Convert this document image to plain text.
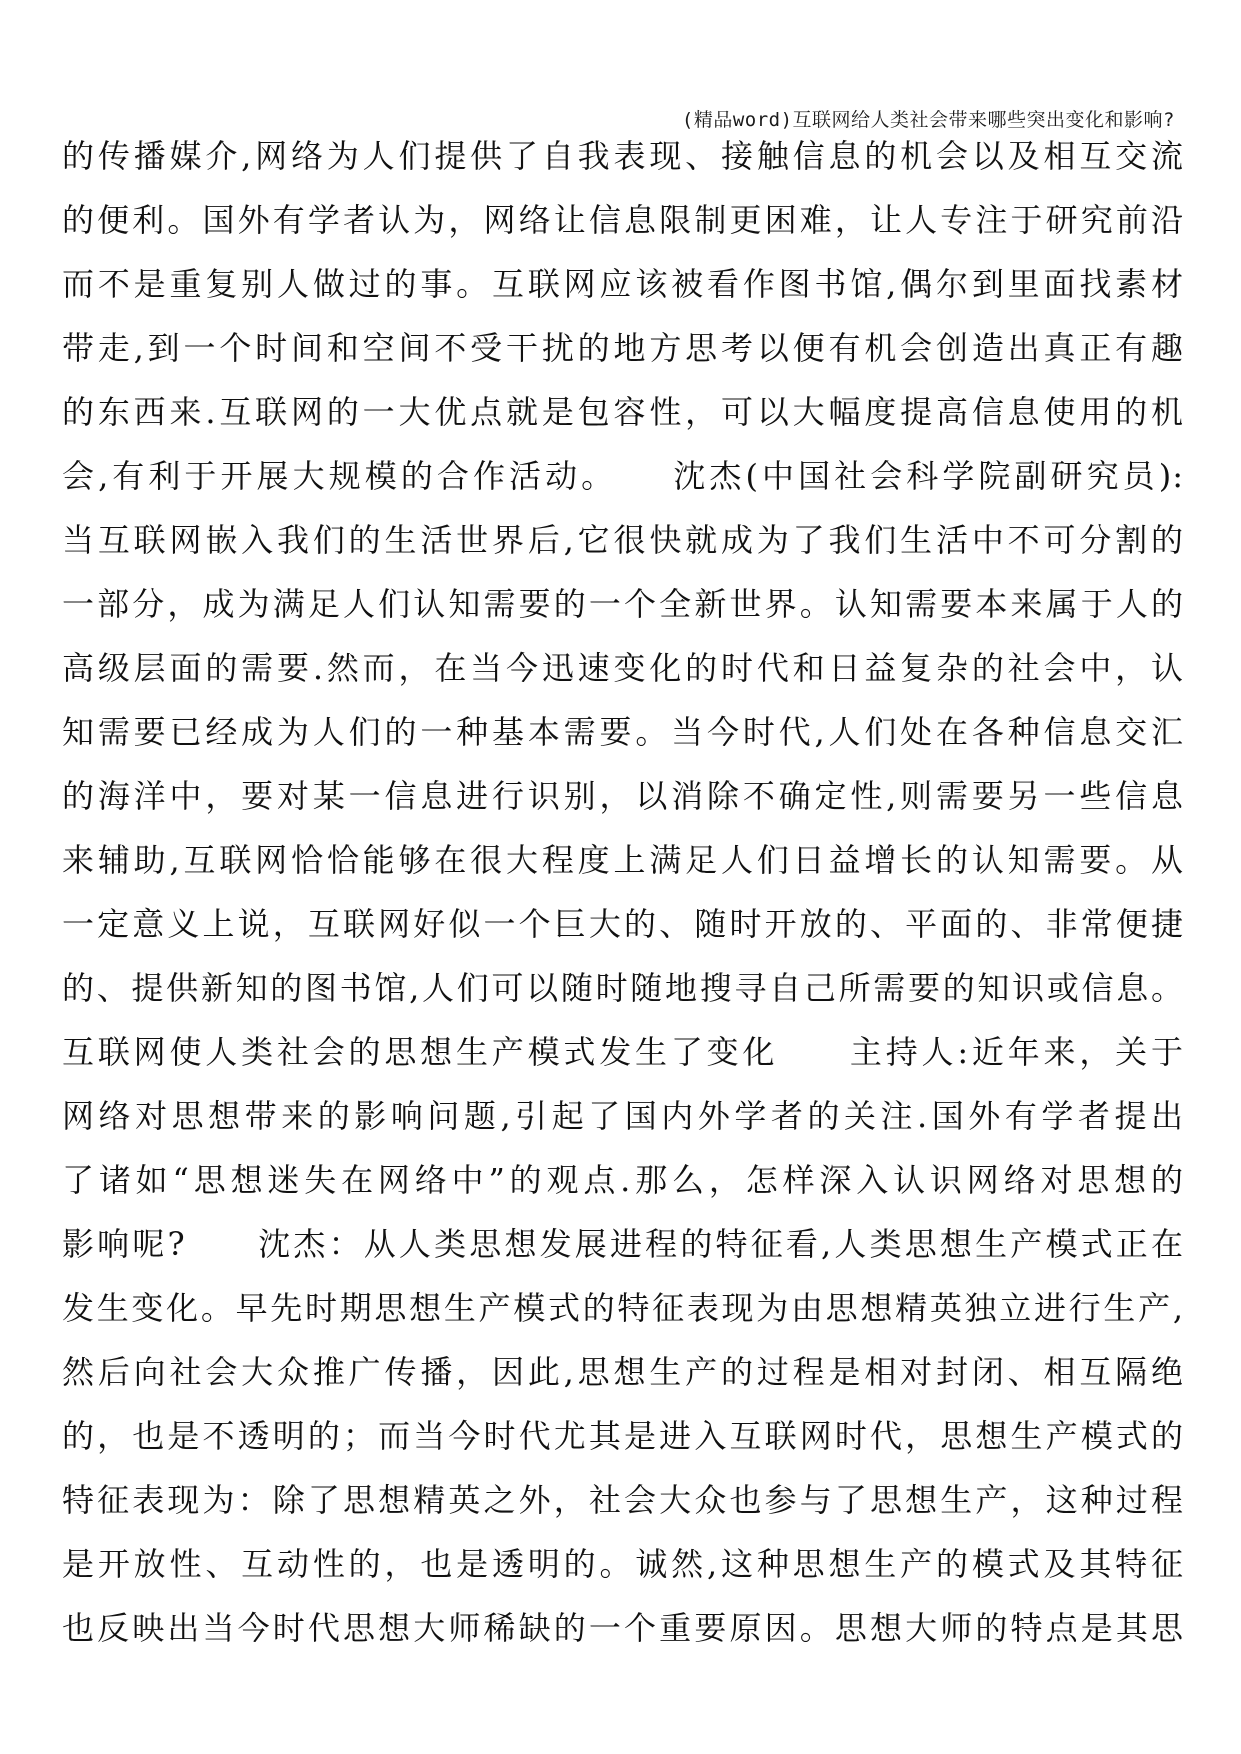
(精品word)互联网给人类社会带来哪些突出变化和影响?
的传播媒介,网络为人们提供了自我表现、接触信息的机会以及相互交流
的便利。国外有学者认为，网络让信息限制更困难，让人专注于研究前沿
而不是重复别人做过的事。互联网应该被看作图书馆,偶尔到里面找素材
带走,到一个时间和空间不受干扰的地方思考以便有机会创造出真正有趣
的东西来.互联网的一大优点就是包容性，可以大幅度提高信息使用的机
会,有利于开展大规模的合作活动。　　沈杰(中国社会科学院副研究员):
当互联网嵌入我们的生活世界后,它很快就成为了我们生活中不可分割的
一部分，成为满足人们认知需要的一个全新世界。认知需要本来属于人的
高级层面的需要.然而，在当今迅速变化的时代和日益复杂的社会中，认
知需要已经成为人们的一种基本需要。当今时代,人们处在各种信息交汇
的海洋中，要对某一信息进行识别，以消除不确定性,则需要另一些信息
来辅助,互联网恰恰能够在很大程度上满足人们日益增长的认知需要。从
一定意义上说，互联网好似一个巨大的、随时开放的、平面的、非常便捷
的、提供新知的图书馆,人们可以随时随地搜寻自己所需要的知识或信息。
互联网使人类社会的思想生产模式发生了变化　　主持人:近年来，关于
网络对思想带来的影响问题,引起了国内外学者的关注.国外有学者提出
了诸如“思想迷失在网络中”的观点.那么，怎样深入认识网络对思想的
影响呢?　　沈杰：从人类思想发展进程的特征看,人类思想生产模式正在
发生变化。早先时期思想生产模式的特征表现为由思想精英独立进行生产,
然后向社会大众推广传播，因此,思想生产的过程是相对封闭、相互隔绝
的，也是不透明的；而当今时代尤其是进入互联网时代，思想生产模式的
特征表现为：除了思想精英之外，社会大众也参与了思想生产，这种过程
是开放性、互动性的，也是透明的。诚然,这种思想生产的模式及其特征
也反映出当今时代思想大师稀缺的一个重要原因。思想大师的特点是其思
